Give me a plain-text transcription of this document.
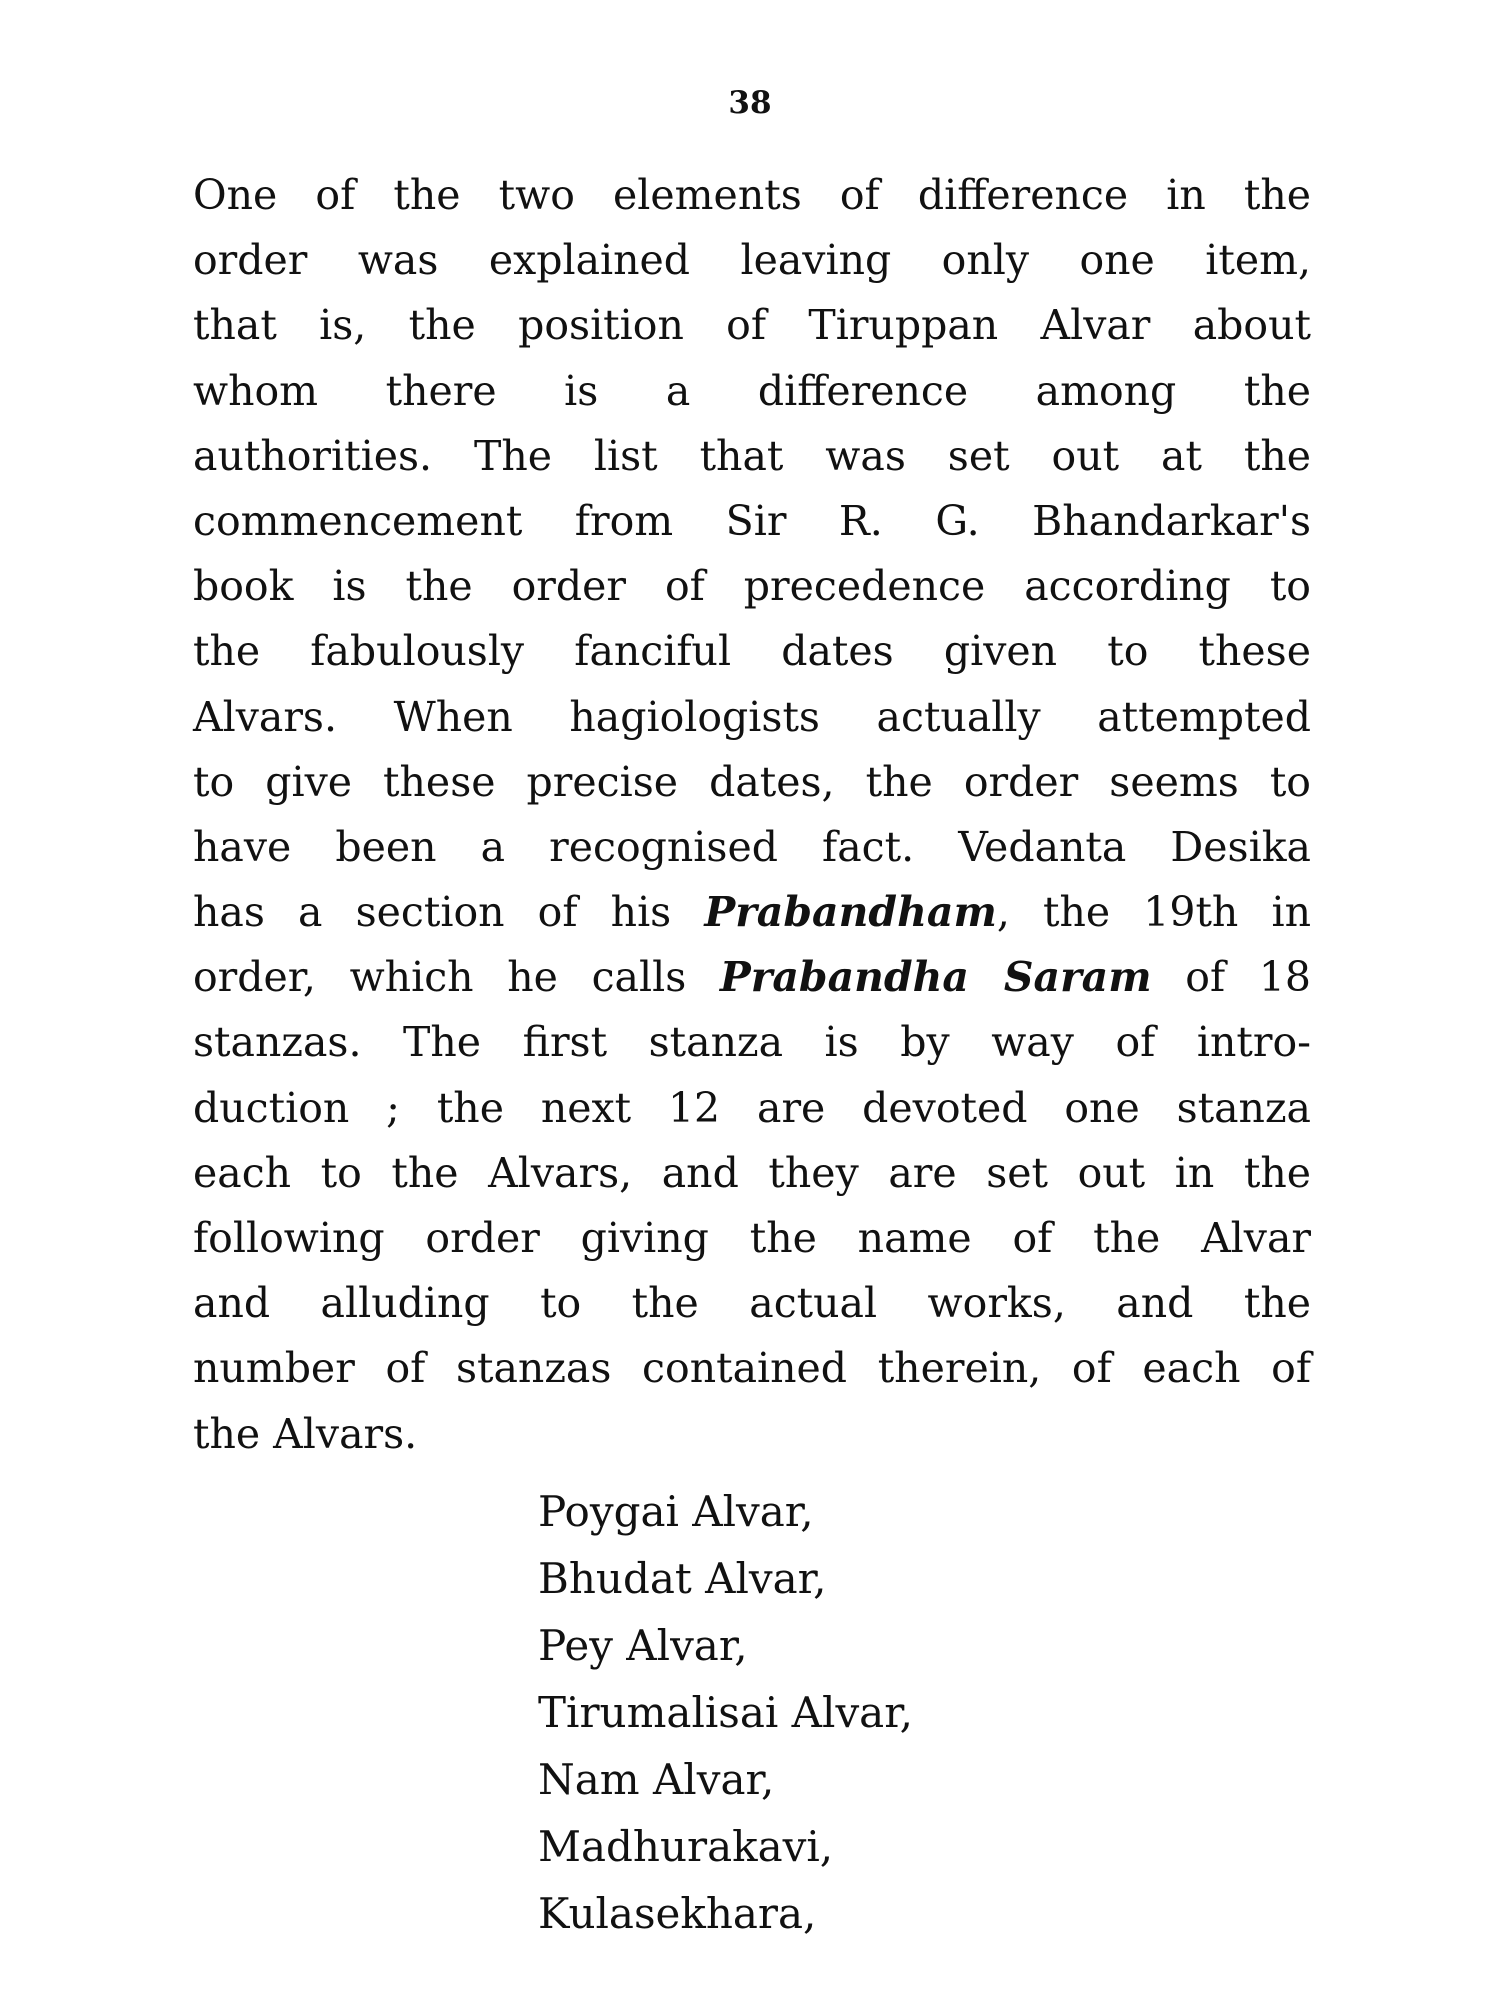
38
One of the two elements of difference in the
order was explained leaving only one item,
that is, the position of Tiruppan Alvar about
whom there is a difference among the
authorities. The list that was set out at the
commencement from Sir R. G. Bhandarkar's
book is the order of precedence according to
the fabulously fanciful dates given to these
Alvars. When hagiologists actually attempted
to give these precise dates, the order seems to
have been a recognised fact. Vedanta Desika
has a section of his Prabandham, the 19th in
order, which he calls Prabandha Saram of 18
stanzas. The first stanza is by way of intro-
duction ; the next 12 are devoted one stanza
each to the Alvars, and they are set out in the
following order giving the name of the Alvar
and alluding to the actual works, and the
number of stanzas contained therein, of each of
the Alvars.
Poygai Alvar,
Bhudat Alvar,
Pey Alvar,
Tirumalisai Alvar,
Nam Alvar,
Madhurakavi,
Kulasekhara,
